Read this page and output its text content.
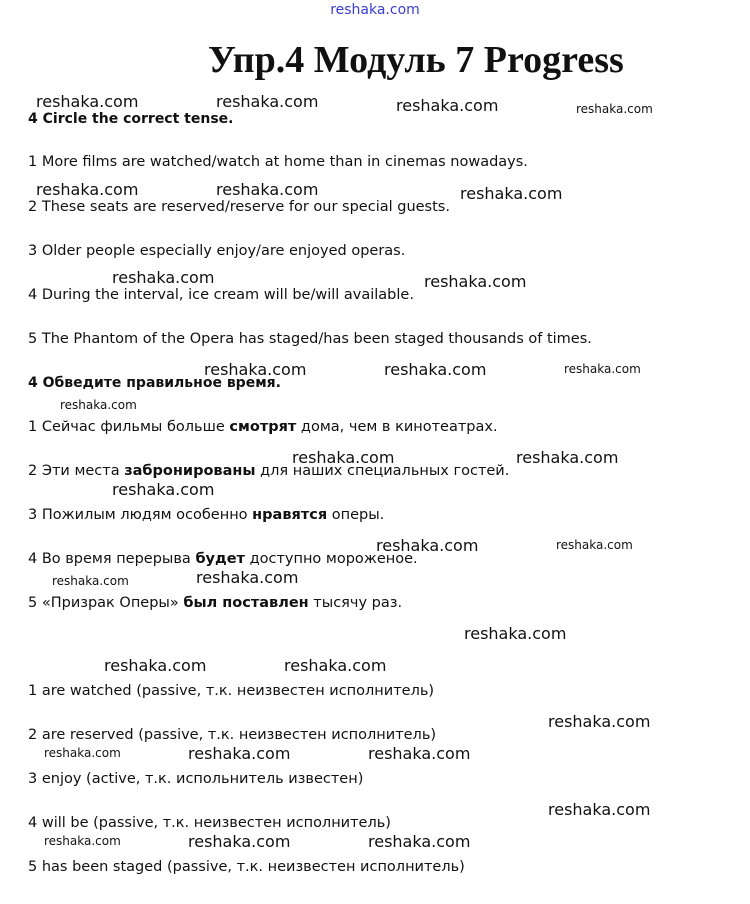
reshaka.com
Упр.4 Модуль 7 Progress
4 Circle the correct tense.
1 More films are watched/watch at home than in cinemas nowadays.
2 These seats are reserved/reserve for our special guests.
3 Older people especially enjoy/are enjoyed operas.
4 During the interval, ice cream will be/will available.
5 The Phantom of the Opera has staged/has been staged thousands of times.
4 Обведите правильное время.
1 Сейчас фильмы больше смотрят дома, чем в кинотеатрах.
2 Эти места забронированы для наших специальных гостей.
3 Пожилым людям особенно нравятся оперы.
4 Во время перерыва будет доступно мороженое.
5 «Призрак Оперы» был поставлен тысячу раз.
1 are watched (passive, т.к. неизвестен исполнитель)
2 are reserved (passive, т.к. неизвестен исполнитель)
3 enjoy (active, т.к. испольнитель известен)
4 will be (passive, т.к. неизвестен исполнитель)
5 has been staged (passive, т.к. неизвестен исполнитель)
reshaka.com	reshaka.com	reshaka.com	reshaka.com
reshaka.com	reshaka.com	reshaka.com
reshaka.com	reshaka.com
reshaka.com	reshaka.com	reshaka.com
reshaka.com
reshaka.com	reshaka.com
reshaka.com
reshaka.com	reshaka.com
reshaka.com	reshaka.com
reshaka.com
reshaka.com	reshaka.com
reshaka.com
reshaka.com	reshaka.com	reshaka.com
reshaka.com
reshaka.com	reshaka.com	reshaka.com
